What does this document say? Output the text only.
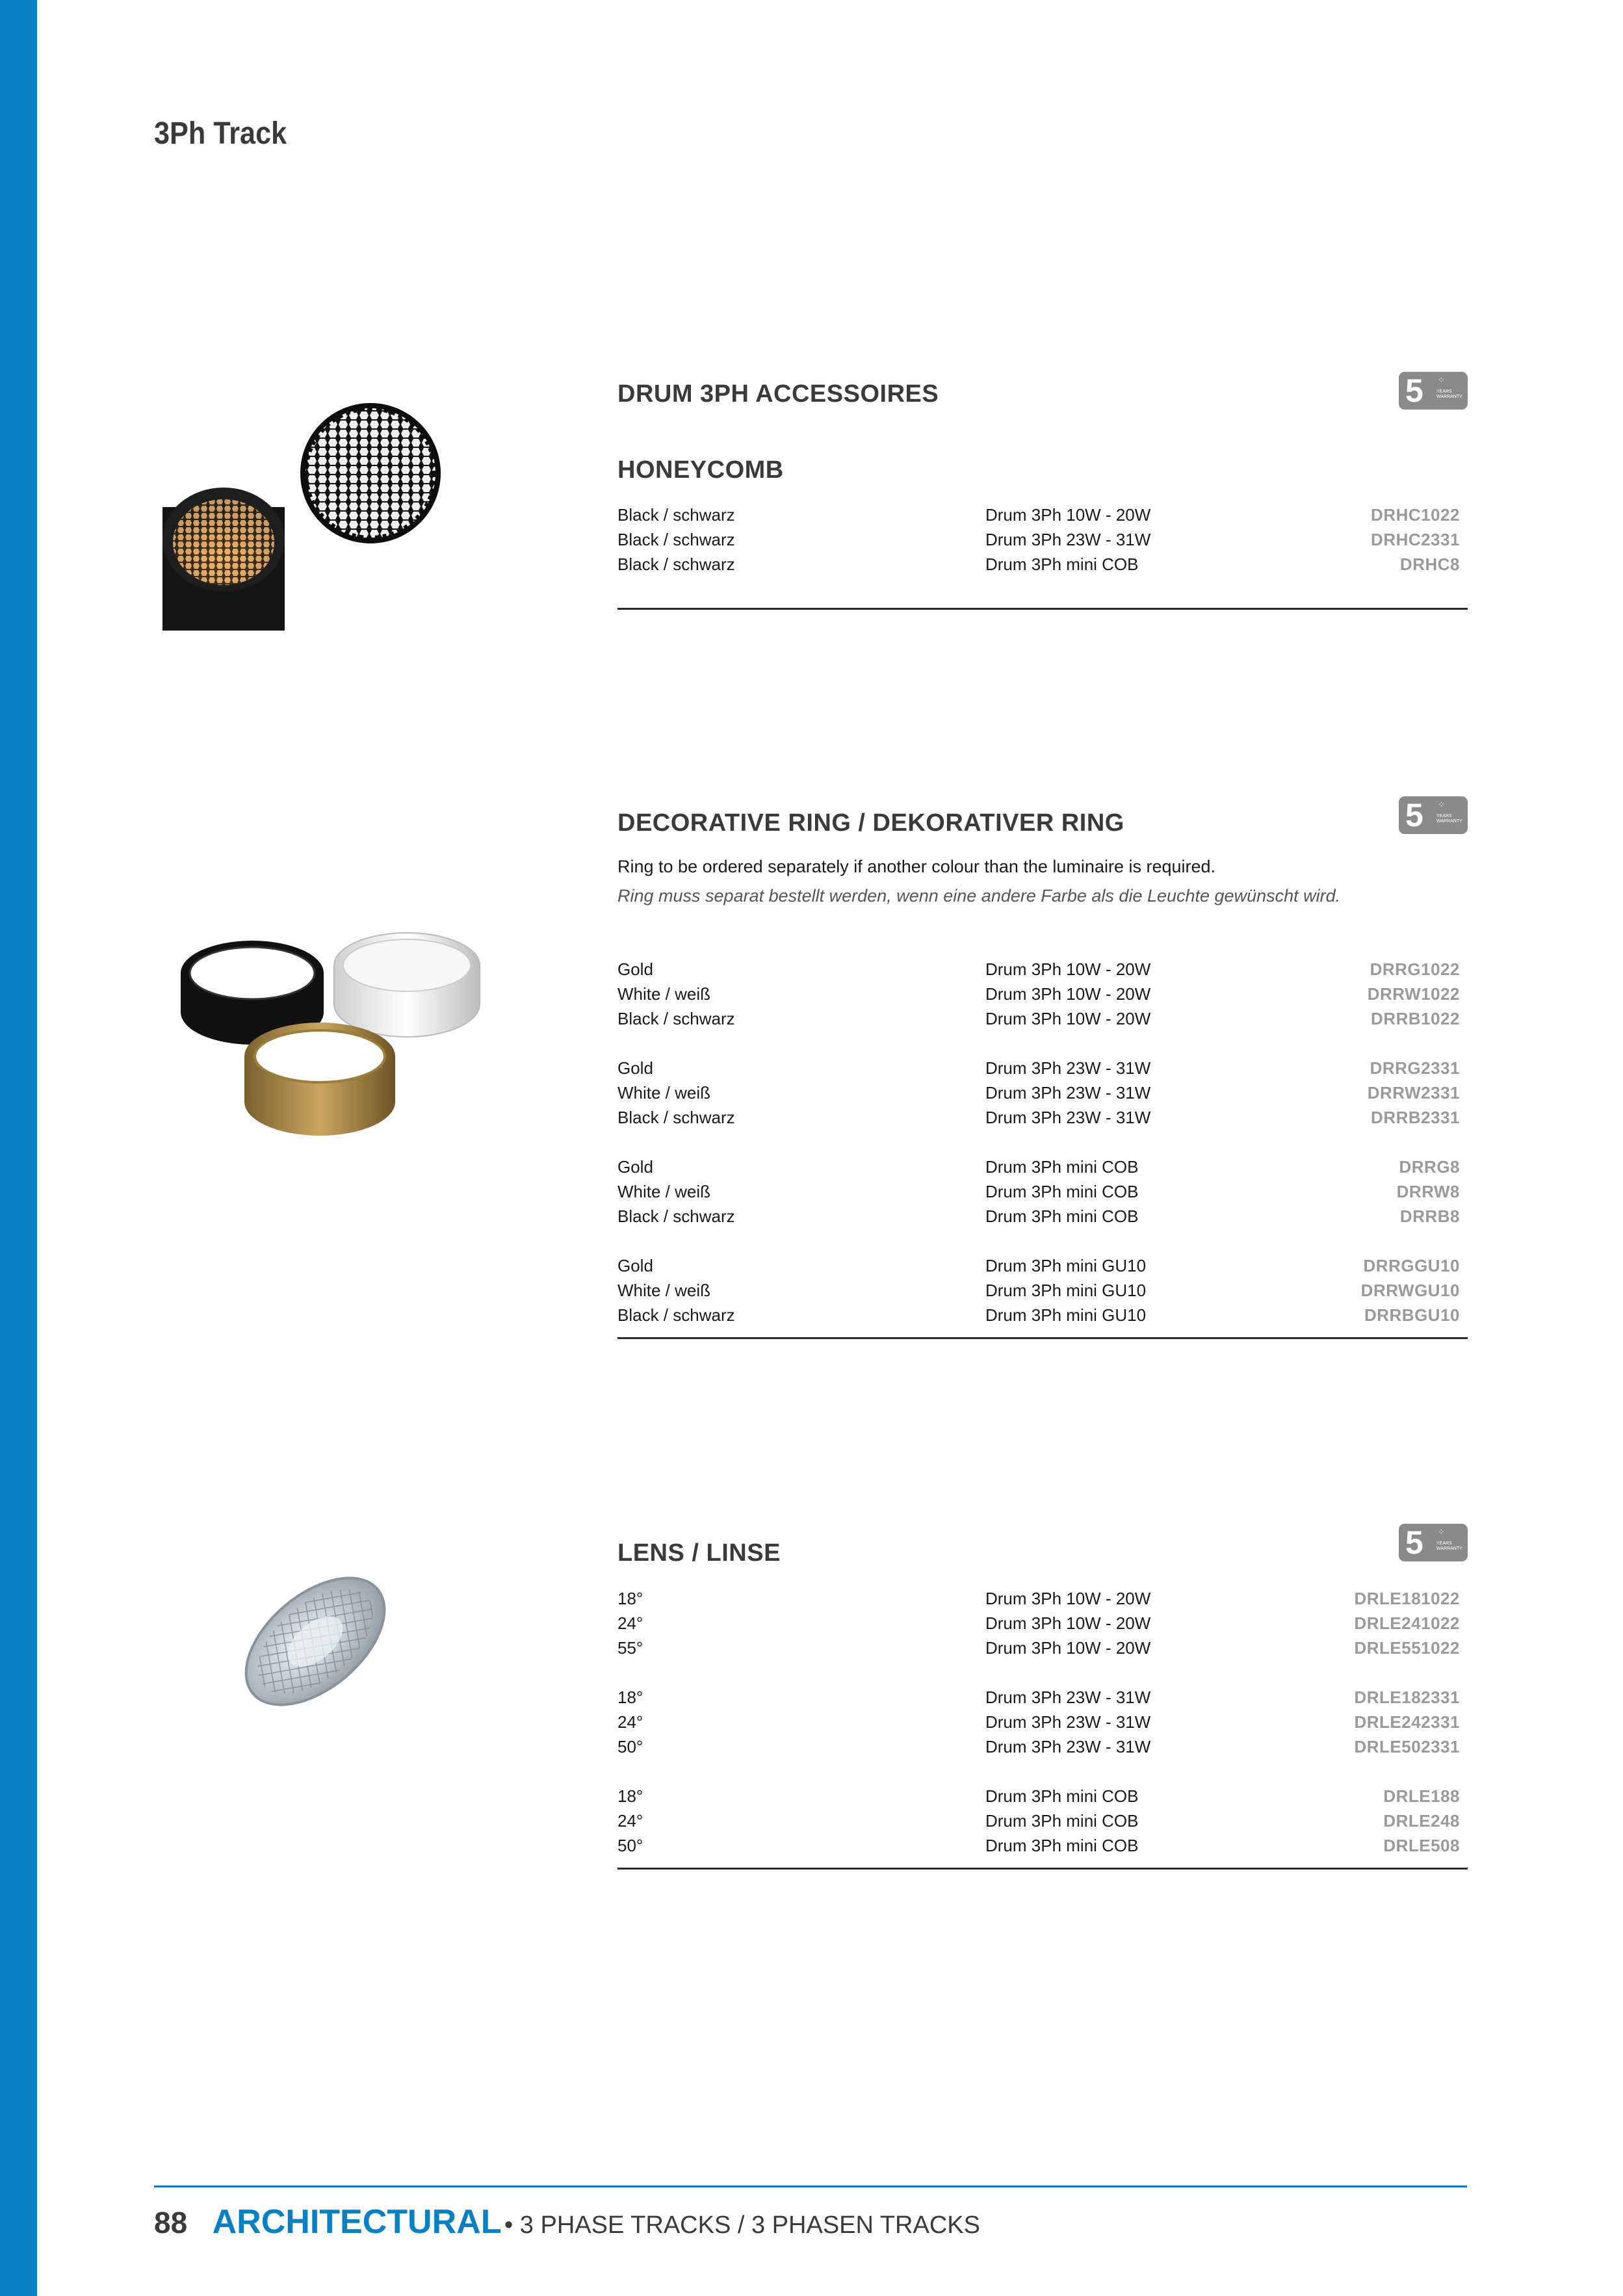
3Ph Track
DRUM 3PH ACCESSOIRES	5 ⁘
YEARS WARRANTY
HONEYCOMB
Black / schwarz	Drum 3Ph 10W - 20W	DRHC1022
Black / schwarz	Drum 3Ph 23W - 31W	DRHC2331
Black / schwarz	Drum 3Ph mini COB	DRHC8
DECORATIVE RING / DEKORATIVER RING	5 ⁘
YEARS WARRANTY
Ring to be ordered separately if another colour than the luminaire is required.
Ring muss separat bestellt werden, wenn eine andere Farbe als die Leuchte gewünscht wird.
Gold	Drum 3Ph 10W - 20W	DRRG1022
White / weiß	Drum 3Ph 10W - 20W	DRRW1022
Black / schwarz	Drum 3Ph 10W - 20W	DRRB1022
Gold	Drum 3Ph 23W - 31W	DRRG2331
White / weiß	Drum 3Ph 23W - 31W	DRRW2331
Black / schwarz	Drum 3Ph 23W - 31W	DRRB2331
Gold	Drum 3Ph mini COB	DRRG8
White / weiß	Drum 3Ph mini COB	DRRW8
Black / schwarz	Drum 3Ph mini COB	DRRB8
Gold	Drum 3Ph mini GU10	DRRGGU10
White / weiß	Drum 3Ph mini GU10	DRRWGU10
Black / schwarz	Drum 3Ph mini GU10	DRRBGU10
LENS / LINSE	5 ⁘
YEARS WARRANTY
18°	Drum 3Ph 10W - 20W	DRLE181022
24°	Drum 3Ph 10W - 20W	DRLE241022
55°	Drum 3Ph 10W - 20W	DRLE551022
18°	Drum 3Ph 23W - 31W	DRLE182331
24°	Drum 3Ph 23W - 31W	DRLE242331
50°	Drum 3Ph 23W - 31W	DRLE502331
18°	Drum 3Ph mini COB	DRLE188
24°	Drum 3Ph mini COB	DRLE248
50°	Drum 3Ph mini COB	DRLE508
88 ARCHITECTURAL • 3 PHASE TRACKS / 3 PHASEN TRACKS
